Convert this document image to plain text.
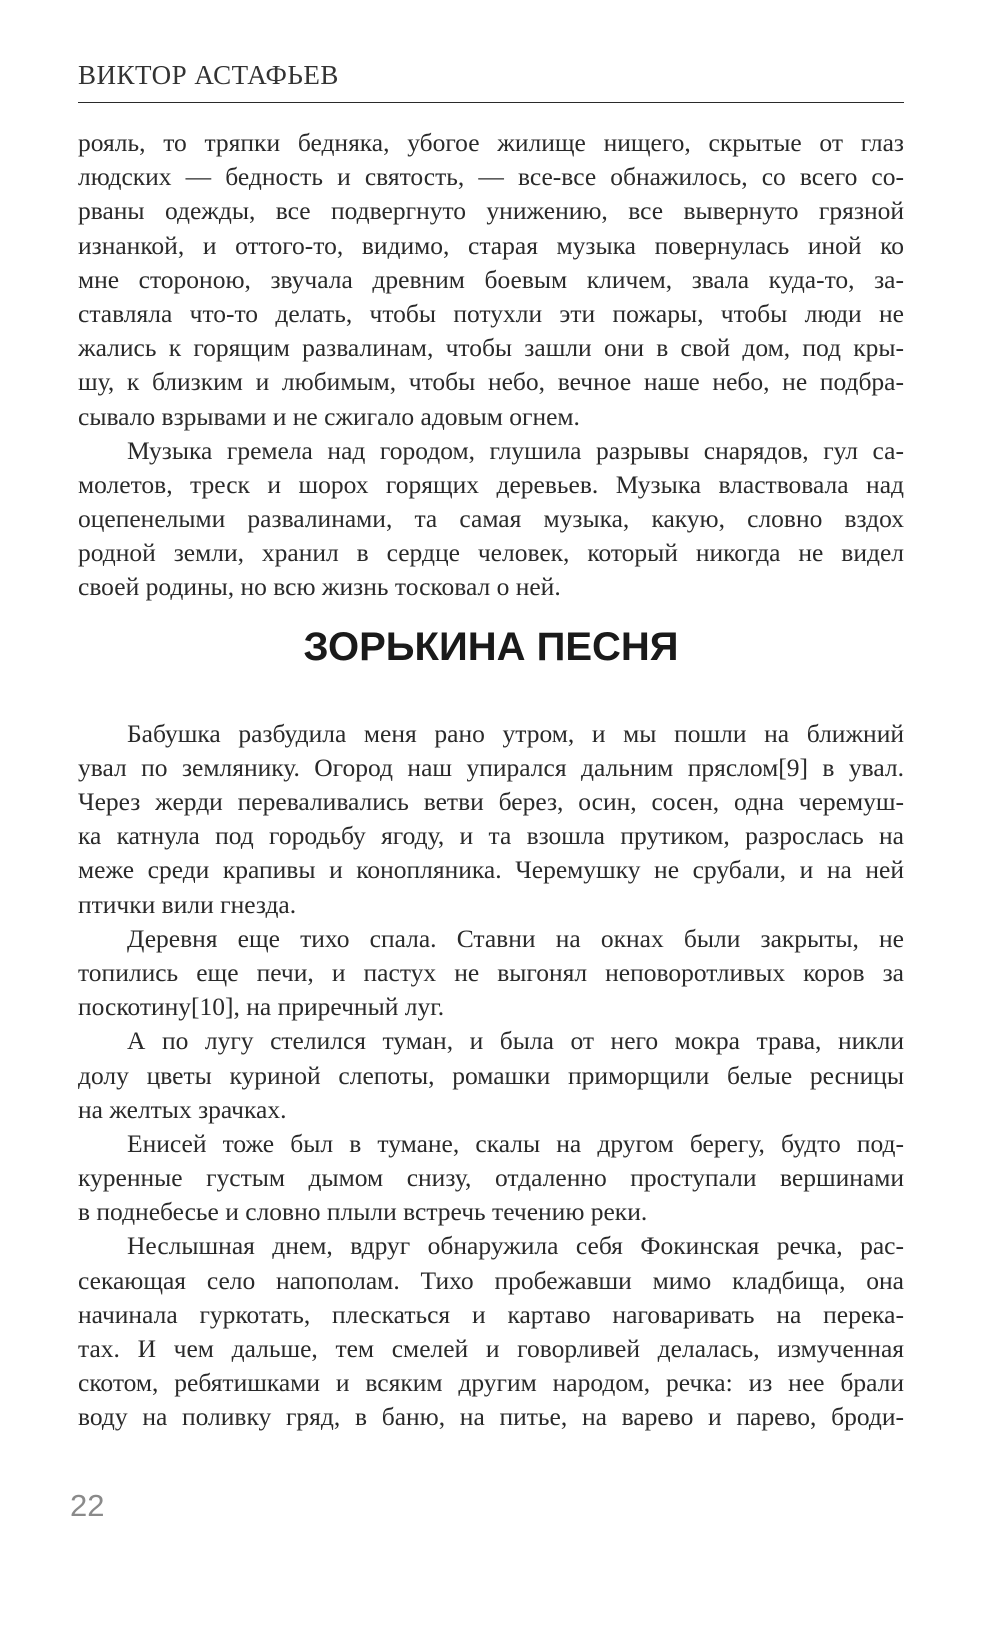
ВИКТОР АСТАФЬЕВ
рояль, то тряпки бедняка, убогое жилище нищего, скрытые от глаз
людских — бедность и святость, — все-все обнажилось, со всего со-
рваны одежды, все подвергнуто унижению, все вывернуто грязной
изнанкой, и оттого-то, видимо, старая музыка повернулась иной ко
мне стороною, звучала древним боевым кличем, звала куда-то, за-
ставляла что-то делать, чтобы потухли эти пожары, чтобы люди не
жались к горящим развалинам, чтобы зашли они в свой дом, под кры-
шу, к близким и любимым, чтобы небо, вечное наше небо, не подбра-
сывало взрывами и не сжигало адовым огнем.
Музыка гремела над городом, глушила разрывы снарядов, гул са-
молетов, треск и шорох горящих деревьев. Музыка властвовала над
оцепенелыми развалинами, та самая музыка, какую, словно вздох
родной земли, хранил в сердце человек, который никогда не видел
своей родины, но всю жизнь тосковал о ней.
ЗОРЬКИНА ПЕСНЯ
Бабушка разбудила меня рано утром, и мы пошли на ближний
увал по землянику. Огород наш упирался дальним пряслом[9] в увал.
Через жерди переваливались ветви берез, осин, сосен, одна черемуш-
ка катнула под городьбу ягоду, и та взошла прутиком, разрослась на
меже среди крапивы и конопляника. Черемушку не срубали, и на ней
птички вили гнезда.
Деревня еще тихо спала. Ставни на окнах были закрыты, не
топились еще печи, и пастух не выгонял неповоротливых коров за
поскотину[10], на приречный луг.
А по лугу стелился туман, и была от него мокра трава, никли
долу цветы куриной слепоты, ромашки приморщили белые ресницы
на желтых зрачках.
Енисей тоже был в тумане, скалы на другом берегу, будто под-
куренные густым дымом снизу, отдаленно проступали вершинами
в поднебесье и словно плыли встречь течению реки.
Неслышная днем, вдруг обнаружила себя Фокинская речка, рас-
секающая село напополам. Тихо пробежавши мимо кладбища, она
начинала гуркотать, плескаться и картаво наговаривать на перека-
тах. И чем дальше, тем смелей и говорливей делалась, измученная
скотом, ребятишками и всяким другим народом, речка: из нее брали
воду на поливку гряд, в баню, на питье, на варево и парево, броди-
22
